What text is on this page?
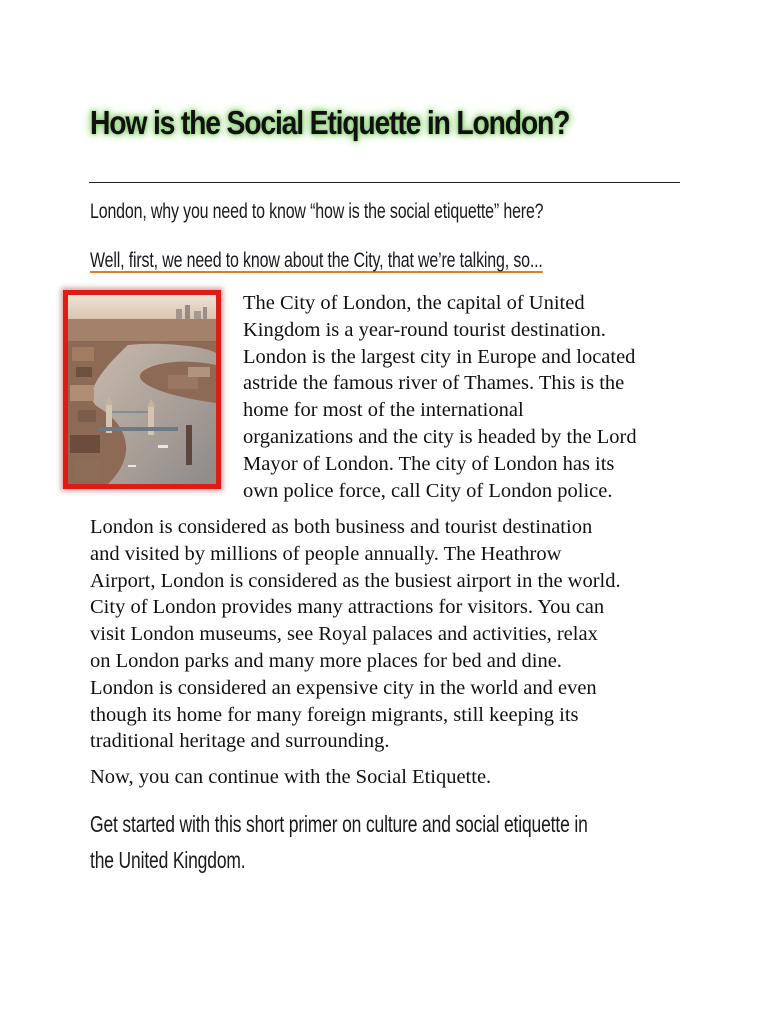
How is the Social Etiquette in London?
London, why you need to know “how is the social etiquette” here?
Well, first, we need to know about the City, that we’re talking, so...
The City of London, the capital of United
Kingdom is a year-round tourist destination.
London is the largest city in Europe and located
astride the famous river of Thames. This is the
home for most of the international
organizations and the city is headed by the Lord
Mayor of London. The city of London has its
own police force, call City of London police.
London is considered as both business and tourist destination
and visited by millions of people annually. The Heathrow
Airport, London is considered as the busiest airport in the world.
City of London provides many attractions for visitors. You can
visit London museums, see Royal palaces and activities, relax
on London parks and many more places for bed and dine.
London is considered an expensive city in the world and even
though its home for many foreign migrants, still keeping its
traditional heritage and surrounding.
Now, you can continue with the Social Etiquette.
Get started with this short primer on culture and social etiquette in
the United Kingdom.
